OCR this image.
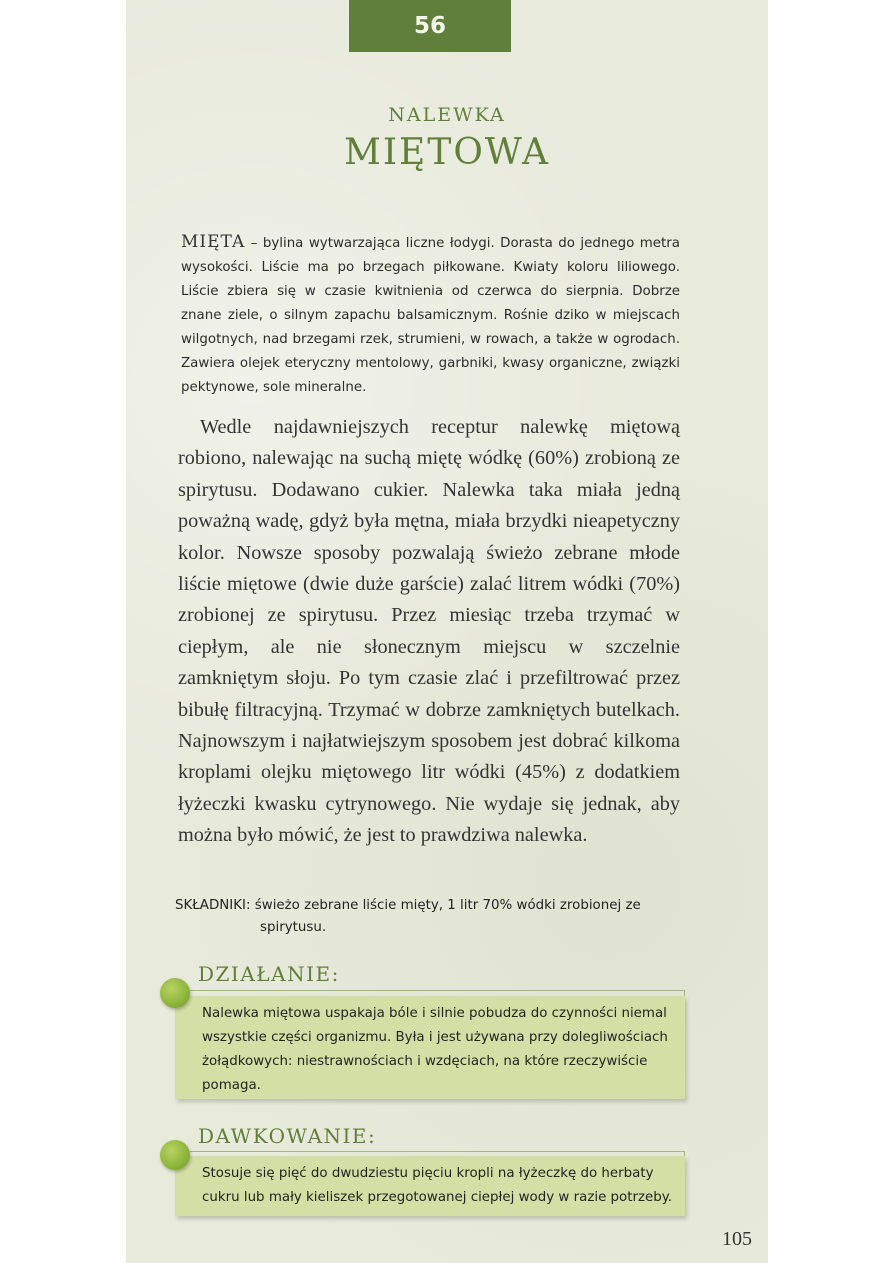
56
NALEWKA
MIĘTOWA
MIĘTA – bylina wytwarzająca liczne łodygi. Dorasta do jednego metra wysokości. Liście ma po brzegach piłkowane. Kwiaty koloru liliowego. Liście zbiera się w czasie kwitnienia od czerwca do sierpnia. Dobrze znane ziele, o silnym zapachu balsamicznym. Rośnie dziko w miejscach wilgotnych, nad brzegami rzek, strumieni, w rowach, a także w ogrodach. Zawiera olejek eteryczny mentolowy, garbniki, kwasy organiczne, związki pektynowe, sole mineralne.

Wedle najdawniejszych receptur nalewkę miętową robiono, nalewając na suchą miętę wódkę (60%) zrobioną ze spirytusu. Dodawano cukier. Nalewka taka miała jedną poważną wadę, gdyż była mętna, miała brzydki nieapetyczny kolor. Nowsze sposoby pozwalają świeżo zebrane młode liście miętowe (dwie duże garście) zalać litrem wódki (70%) zrobionej ze spirytusu. Przez miesiąc trzeba trzymać w ciepłym, ale nie słonecznym miejscu w szczelnie zamkniętym słoju. Po tym czasie zlać i przefiltrować przez bibułę filtracyjną. Trzymać w dobrze zamkniętych butelkach. Najnowszym i najłatwiejszym sposobem jest dobrać kilkoma kroplami olejku miętowego litr wódki (45%) z dodatkiem łyżeczki kwasku cytrynowego. Nie wydaje się jednak, aby można było mówić, że jest to prawdziwa nalewka.

SKŁADNIKI: świeżo zebrane liście mięty, 1 litr 70% wódki zrobionej ze
spirytusu.
DZIAŁANIE:
Nalewka miętowa uspakaja bóle i silnie pobudza do czynności niemal wszystkie części organizmu. Była i jest używana przy dolegliwościach żołądkowych: niestrawnościach i wzdęciach, na które rzeczywiście pomaga.
DAWKOWANIE:
Stosuje się pięć do dwudziestu pięciu kropli na łyżeczkę do herbaty cukru lub mały kieliszek przegotowanej ciepłej wody w razie potrzeby.
105
